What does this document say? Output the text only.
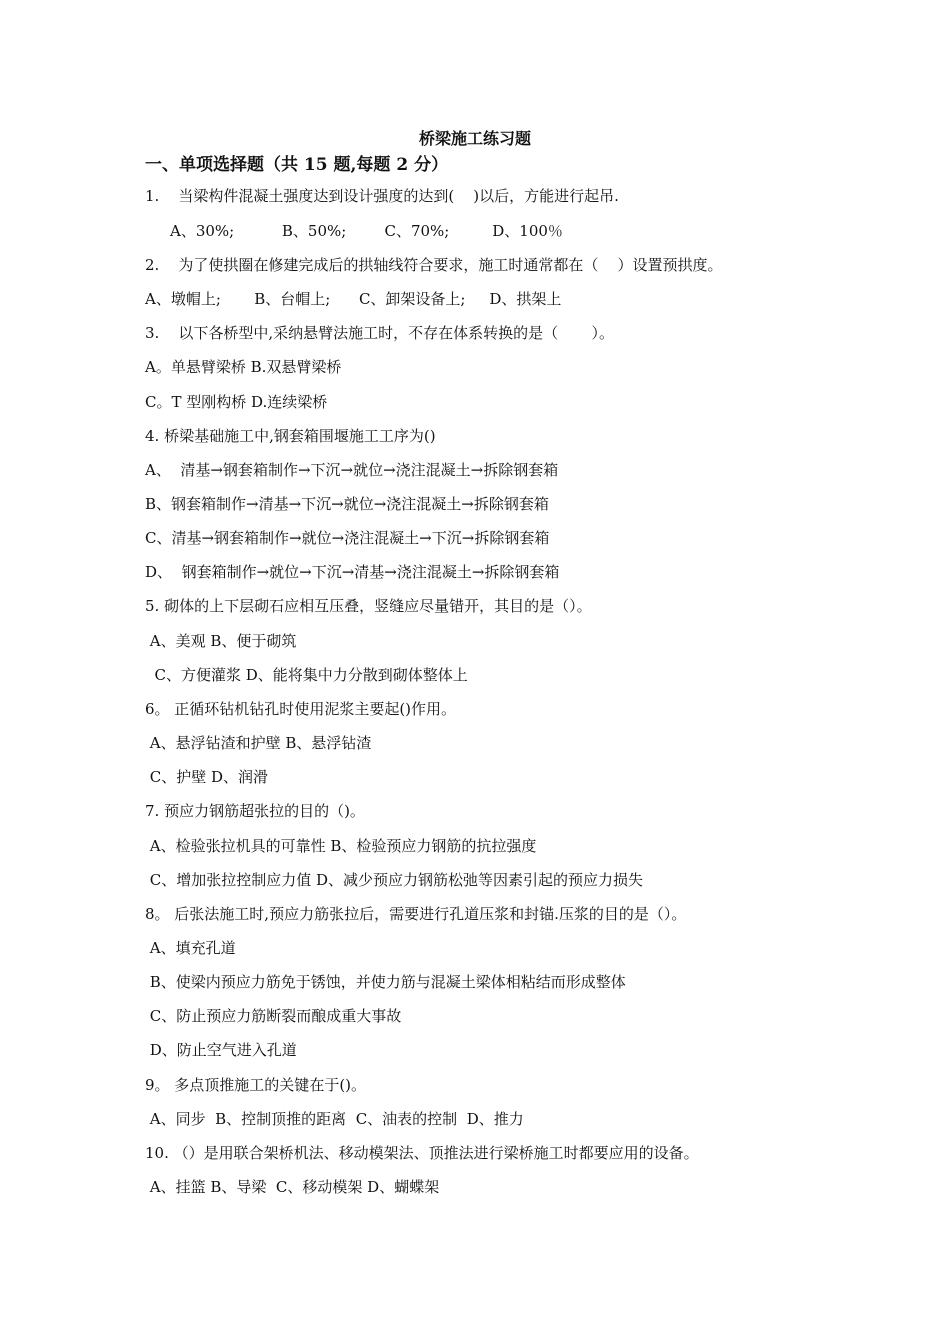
桥梁施工练习题
一、单项选择题（共 15 题,每题 2 分）
1.    当梁构件混凝土强度达到设计强度的达到(    )以后，方能进行起吊.
A、30%;          B、50%;        C、70%;         D、100％
2.    为了使拱圈在修建完成后的拱轴线符合要求，施工时通常都在（    ）设置预拱度。
A、墩帽上;       B、台帽上;      C、卸架设备上;     D、拱架上
3.    以下各桥型中,采纳悬臂法施工时，不存在体系转换的是（       ）。
A。单悬臂梁桥 B.双悬臂梁桥
C。T 型刚构桥 D.连续梁桥
4. 桥梁基础施工中,钢套箱围堰施工工序为()
A、  清基→钢套箱制作→下沉→就位→浇注混凝土→拆除钢套箱
B、钢套箱制作→清基→下沉→就位→浇注混凝土→拆除钢套箱
C、清基→钢套箱制作→就位→浇注混凝土→下沉→拆除钢套箱
D、  钢套箱制作→就位→下沉→清基→浇注混凝土→拆除钢套箱
5. 砌体的上下层砌石应相互压叠，竖缝应尽量错开，其目的是（）。
A、美观 B、便于砌筑
C、方便灌浆 D、能将集中力分散到砌体整体上
6。 正循环钻机钻孔时使用泥浆主要起()作用。
A、悬浮钻渣和护壁 B、悬浮钻渣
C、护壁 D、润滑
7. 预应力钢筋超张拉的目的（)。
A、检验张拉机具的可靠性 B、检验预应力钢筋的抗拉强度
C、增加张拉控制应力值 D、减少预应力钢筋松弛等因素引起的预应力损失
8。 后张法施工时,预应力筋张拉后，需要进行孔道压浆和封锚.压浆的目的是（）。
A、填充孔道
B、使梁内预应力筋免于锈蚀，并使力筋与混凝土梁体相粘结而形成整体
C、防止预应力筋断裂而酿成重大事故
D、防止空气进入孔道
9。 多点顶推施工的关键在于()。
A、同步  B、控制顶推的距离  C、油表的控制  D、推力
10. （）是用联合架桥机法、移动模架法、顶推法进行梁桥施工时都要应用的设备。
A、挂篮 B、导梁  C、移动模架 D、蝴蝶架
